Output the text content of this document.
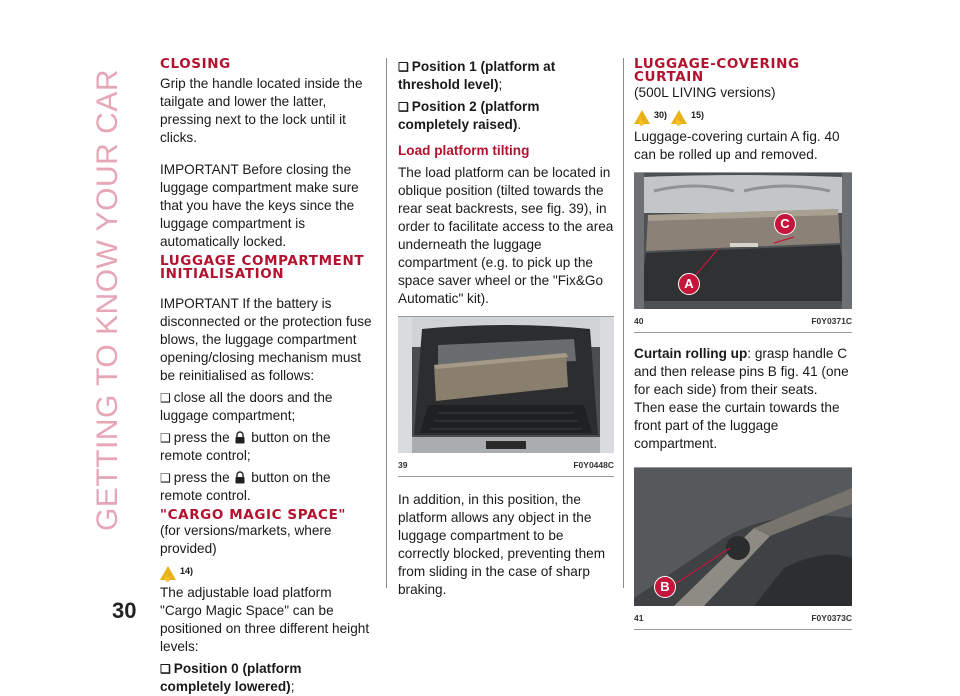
GETTING TO KNOW YOUR CAR
CLOSING

Grip the handle located inside the tailgate and lower the latter, pressing next to the lock until it clicks.

IMPORTANT Before closing the luggage compartment make sure that you have the keys since the luggage compartment is automatically locked.

LUGGAGE COMPARTMENT INITIALISATION

IMPORTANT If the battery is disconnected or the protection fuse blows, the luggage compartment opening/closing mechanism must be reinitialised as follows:

❑ close all the doors and the luggage compartment;

❑ press the button on the remote control;

❑ press the button on the remote control.

"CARGO MAGIC SPACE"

(for versions/markets, where provided)

✋
14)

The adjustable load platform "Cargo Magic Space" can be positioned on three different height levels:

❑ Position 0 (platform completely lowered);

❑ Position 1 (platform at threshold level);

❑ Position 2 (platform completely raised).

Load platform tilting

The load platform can be located in oblique position (tilted towards the rear seat backrests, see fig. 39), in order to facilitate access to the area underneath the luggage compartment (e.g. to pick up the space saver wheel or the "Fix&Go Automatic" kit).

39	F0Y0448C

In addition, in this position, the platform allows any object in the luggage compartment to be correctly blocked, preventing them from sliding in the case of sharp braking.

LUGGAGE-COVERING CURTAIN

(500L LIVING versions)

✋
30)
✋	15)

Luggage-covering curtain A fig. 40 can be rolled up and removed.

C
A
40	F0Y0371C

Curtain rolling up: grasp handle C and then release pins B fig. 41 (one for each side) from their seats. Then ease the curtain towards the front part of the luggage compartment.

B
41	F0Y0373C
30
